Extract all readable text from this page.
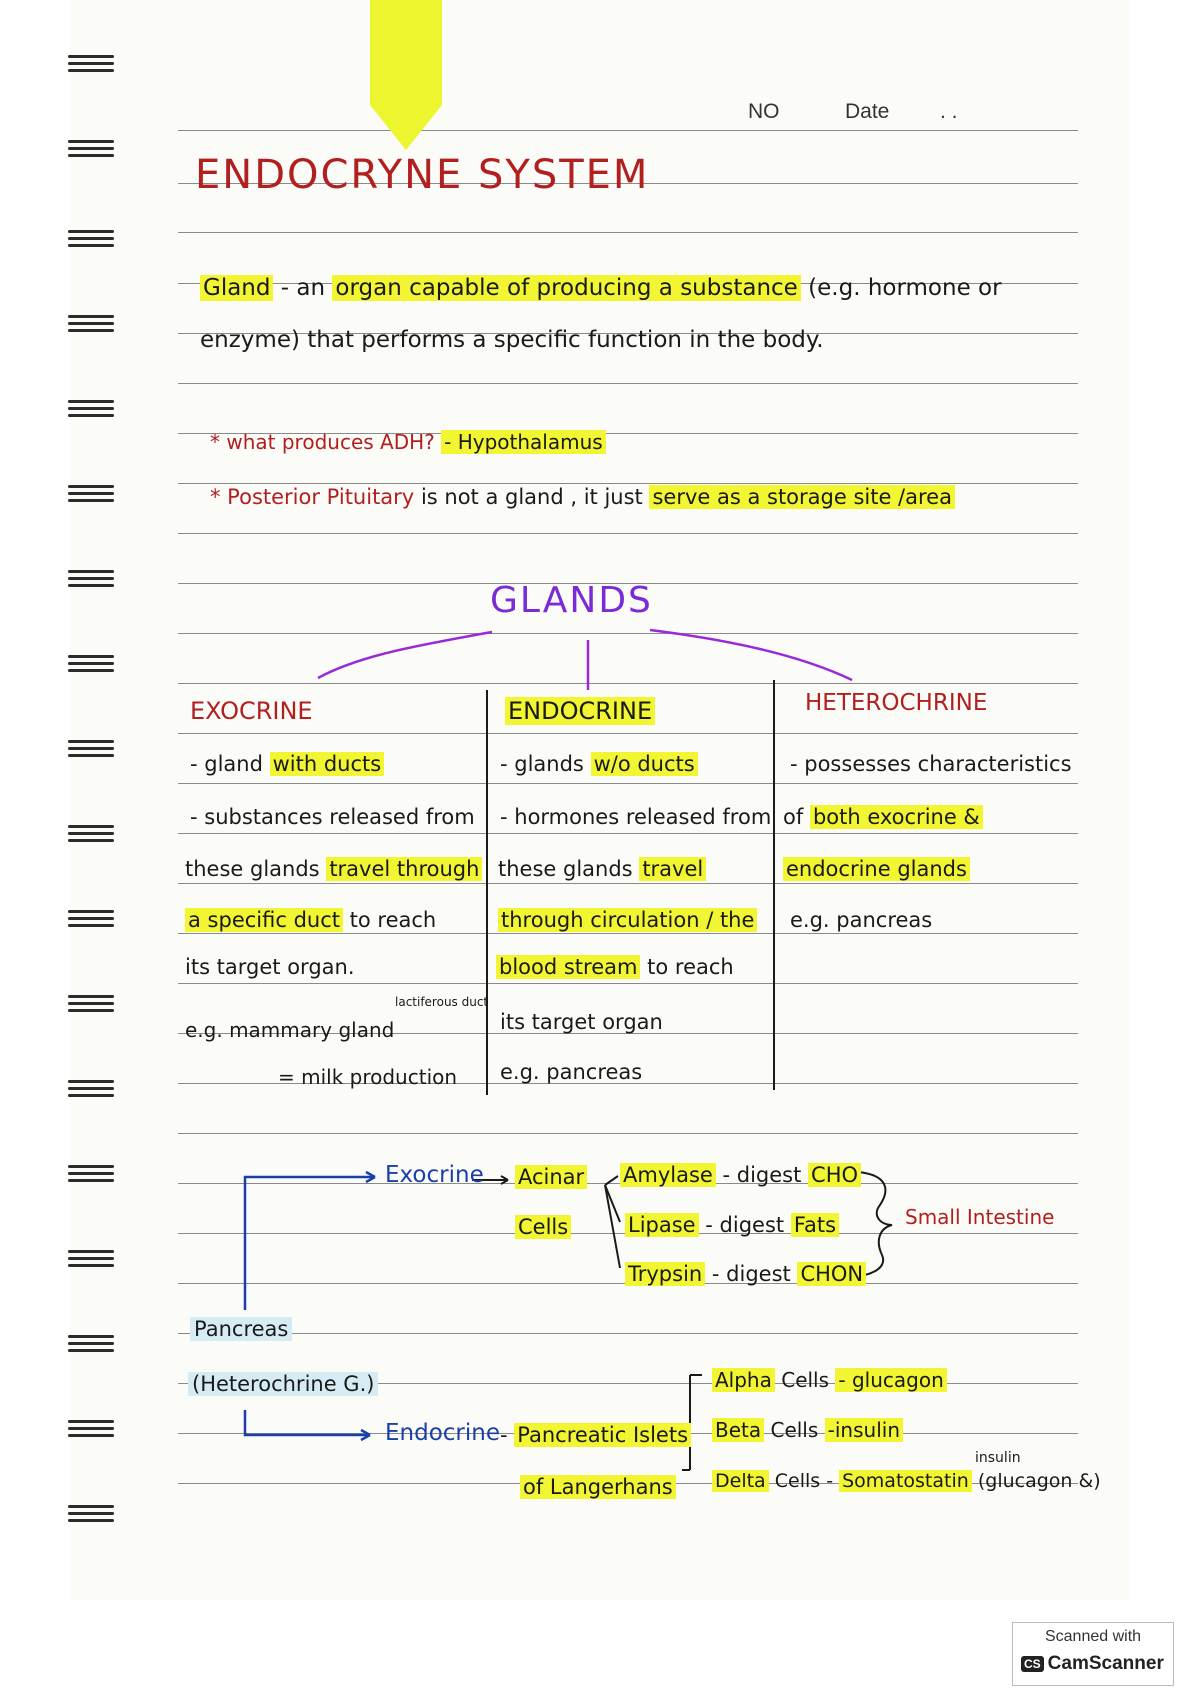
NO	Date . .
ENDOCRYNE SYSTEM
Gland - an organ capable of producing a substance (e.g. hormone or
enzyme) that performs a specific function in the body.
* what produces ADH? - Hypothalamus
* Posterior Pituitary is not a gland , it just serve as a storage site /area
GLANDS
EXOCRINE
- gland with ducts
- substances released from
these glands travel through
a specific duct to reach
its target organ.
lactiferous duct
e.g. mammary gland
= milk production
ENDOCRINE
- glands w/o ducts
- hormones released from
these glands travel
through circulation / the
blood stream to reach
its target organ
e.g. pancreas
HETEROCHRINE
- possesses characteristics
of both exocrine &
endocrine glands
e.g. pancreas
Exocrine Acinar
Cells
Amylase - digest CHO
Lipase - digest Fats
Trypsin - digest CHON
Small Intestine
Pancreas
(Heterochrine G.)
Endocrine - Pancreatic Islets
of Langerhans
Alpha Cells - glucagon
Beta Cells -insulin
insulin
Delta Cells - Somatostatin (glucagon &)
Scanned with
CS CamScanner
